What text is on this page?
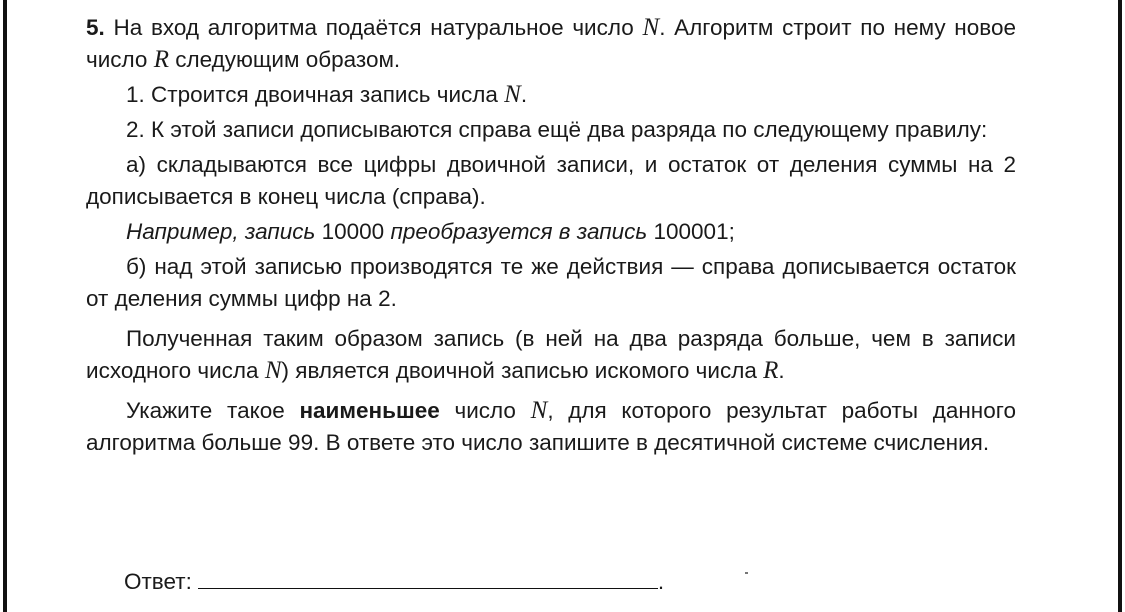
5. На вход алгоритма подаётся натуральное число N. Алгоритм строит по нему новое число R следующим образом.

1. Строится двоичная запись числа N.

2. К этой записи дописываются справа ещё два разряда по следующему правилу:

а) складываются все цифры двоичной записи, и остаток от деления суммы на 2 дописывается в конец числа (справа).

Например, запись 10000 преобразуется в запись 100001;

б) над этой записью производятся те же действия — справа дописывается остаток от деления суммы цифр на 2.

Полученная таким образом запись (в ней на два разряда больше, чем в записи исходного числа N) является двоичной записью искомого числа R.

Укажите такое наименьшее число N, для которого результат работы данного алгоритма больше 99. В ответе это число запишите в десятичной системе счисления.

Ответ:	.
